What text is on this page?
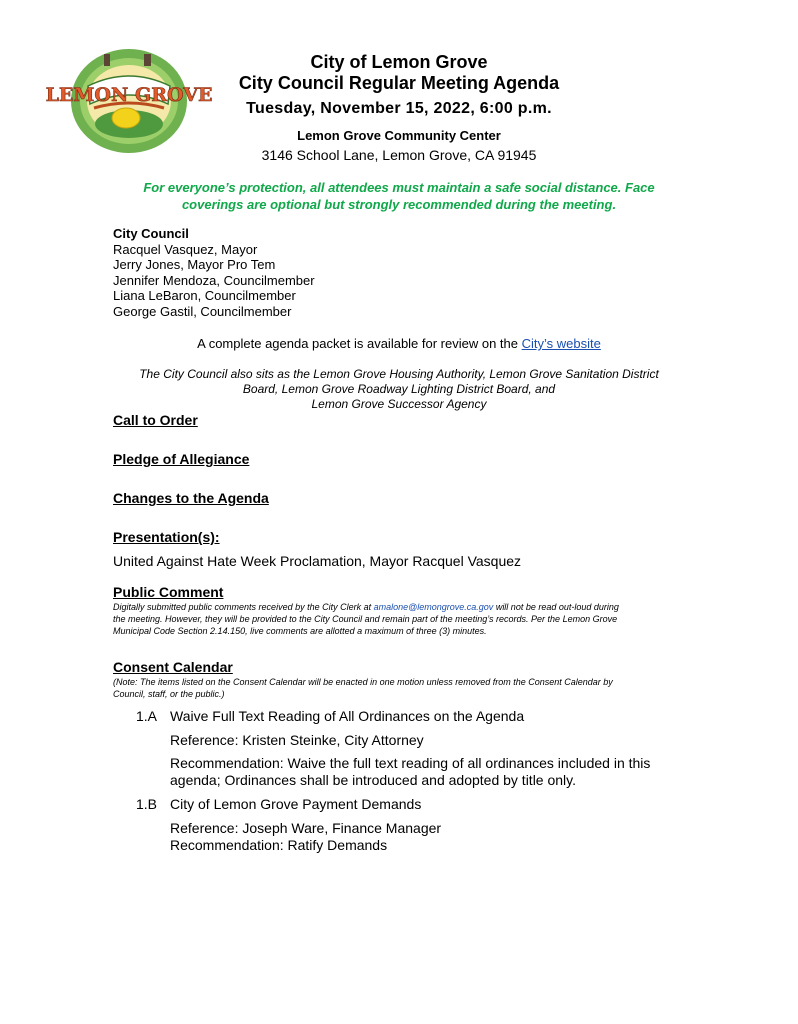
LEMON GROVE
City of Lemon Grove
City Council Regular Meeting Agenda
Tuesday, November 15, 2022, 6:00 p.m.
Lemon Grove Community Center
3146 School Lane, Lemon Grove, CA 91945
For everyone’s protection, all attendees must maintain a safe social distance. Face
coverings are optional but strongly recommended during the meeting.
City Council
Racquel Vasquez, Mayor
Jerry Jones, Mayor Pro Tem
Jennifer Mendoza, Councilmember
Liana LeBaron, Councilmember
George Gastil, Councilmember
A complete agenda packet is available for review on the City’s website
The City Council also sits as the Lemon Grove Housing Authority, Lemon Grove Sanitation District
Board, Lemon Grove Roadway Lighting District Board, and
Lemon Grove Successor Agency
Call to Order
Pledge of Allegiance
Changes to the Agenda
Presentation(s):
United Against Hate Week Proclamation, Mayor Racquel Vasquez
Public Comment
Digitally submitted public comments received by the City Clerk at amalone@lemongrove.ca.gov will not be read out-loud during
the meeting. However, they will be provided to the City Council and remain part of the meeting’s records. Per the Lemon Grove
Municipal Code Section 2.14.150, live comments are allotted a maximum of three (3) minutes.
Consent Calendar
(Note: The items listed on the Consent Calendar will be enacted in one motion unless removed from the Consent Calendar by
Council, staff, or the public.)
1.A Waive Full Text Reading of All Ordinances on the Agenda
Reference: Kristen Steinke, City Attorney
Recommendation: Waive the full text reading of all ordinances included in this
agenda; Ordinances shall be introduced and adopted by title only.
1.B City of Lemon Grove Payment Demands
Reference: Joseph Ware, Finance Manager
Recommendation: Ratify Demands
